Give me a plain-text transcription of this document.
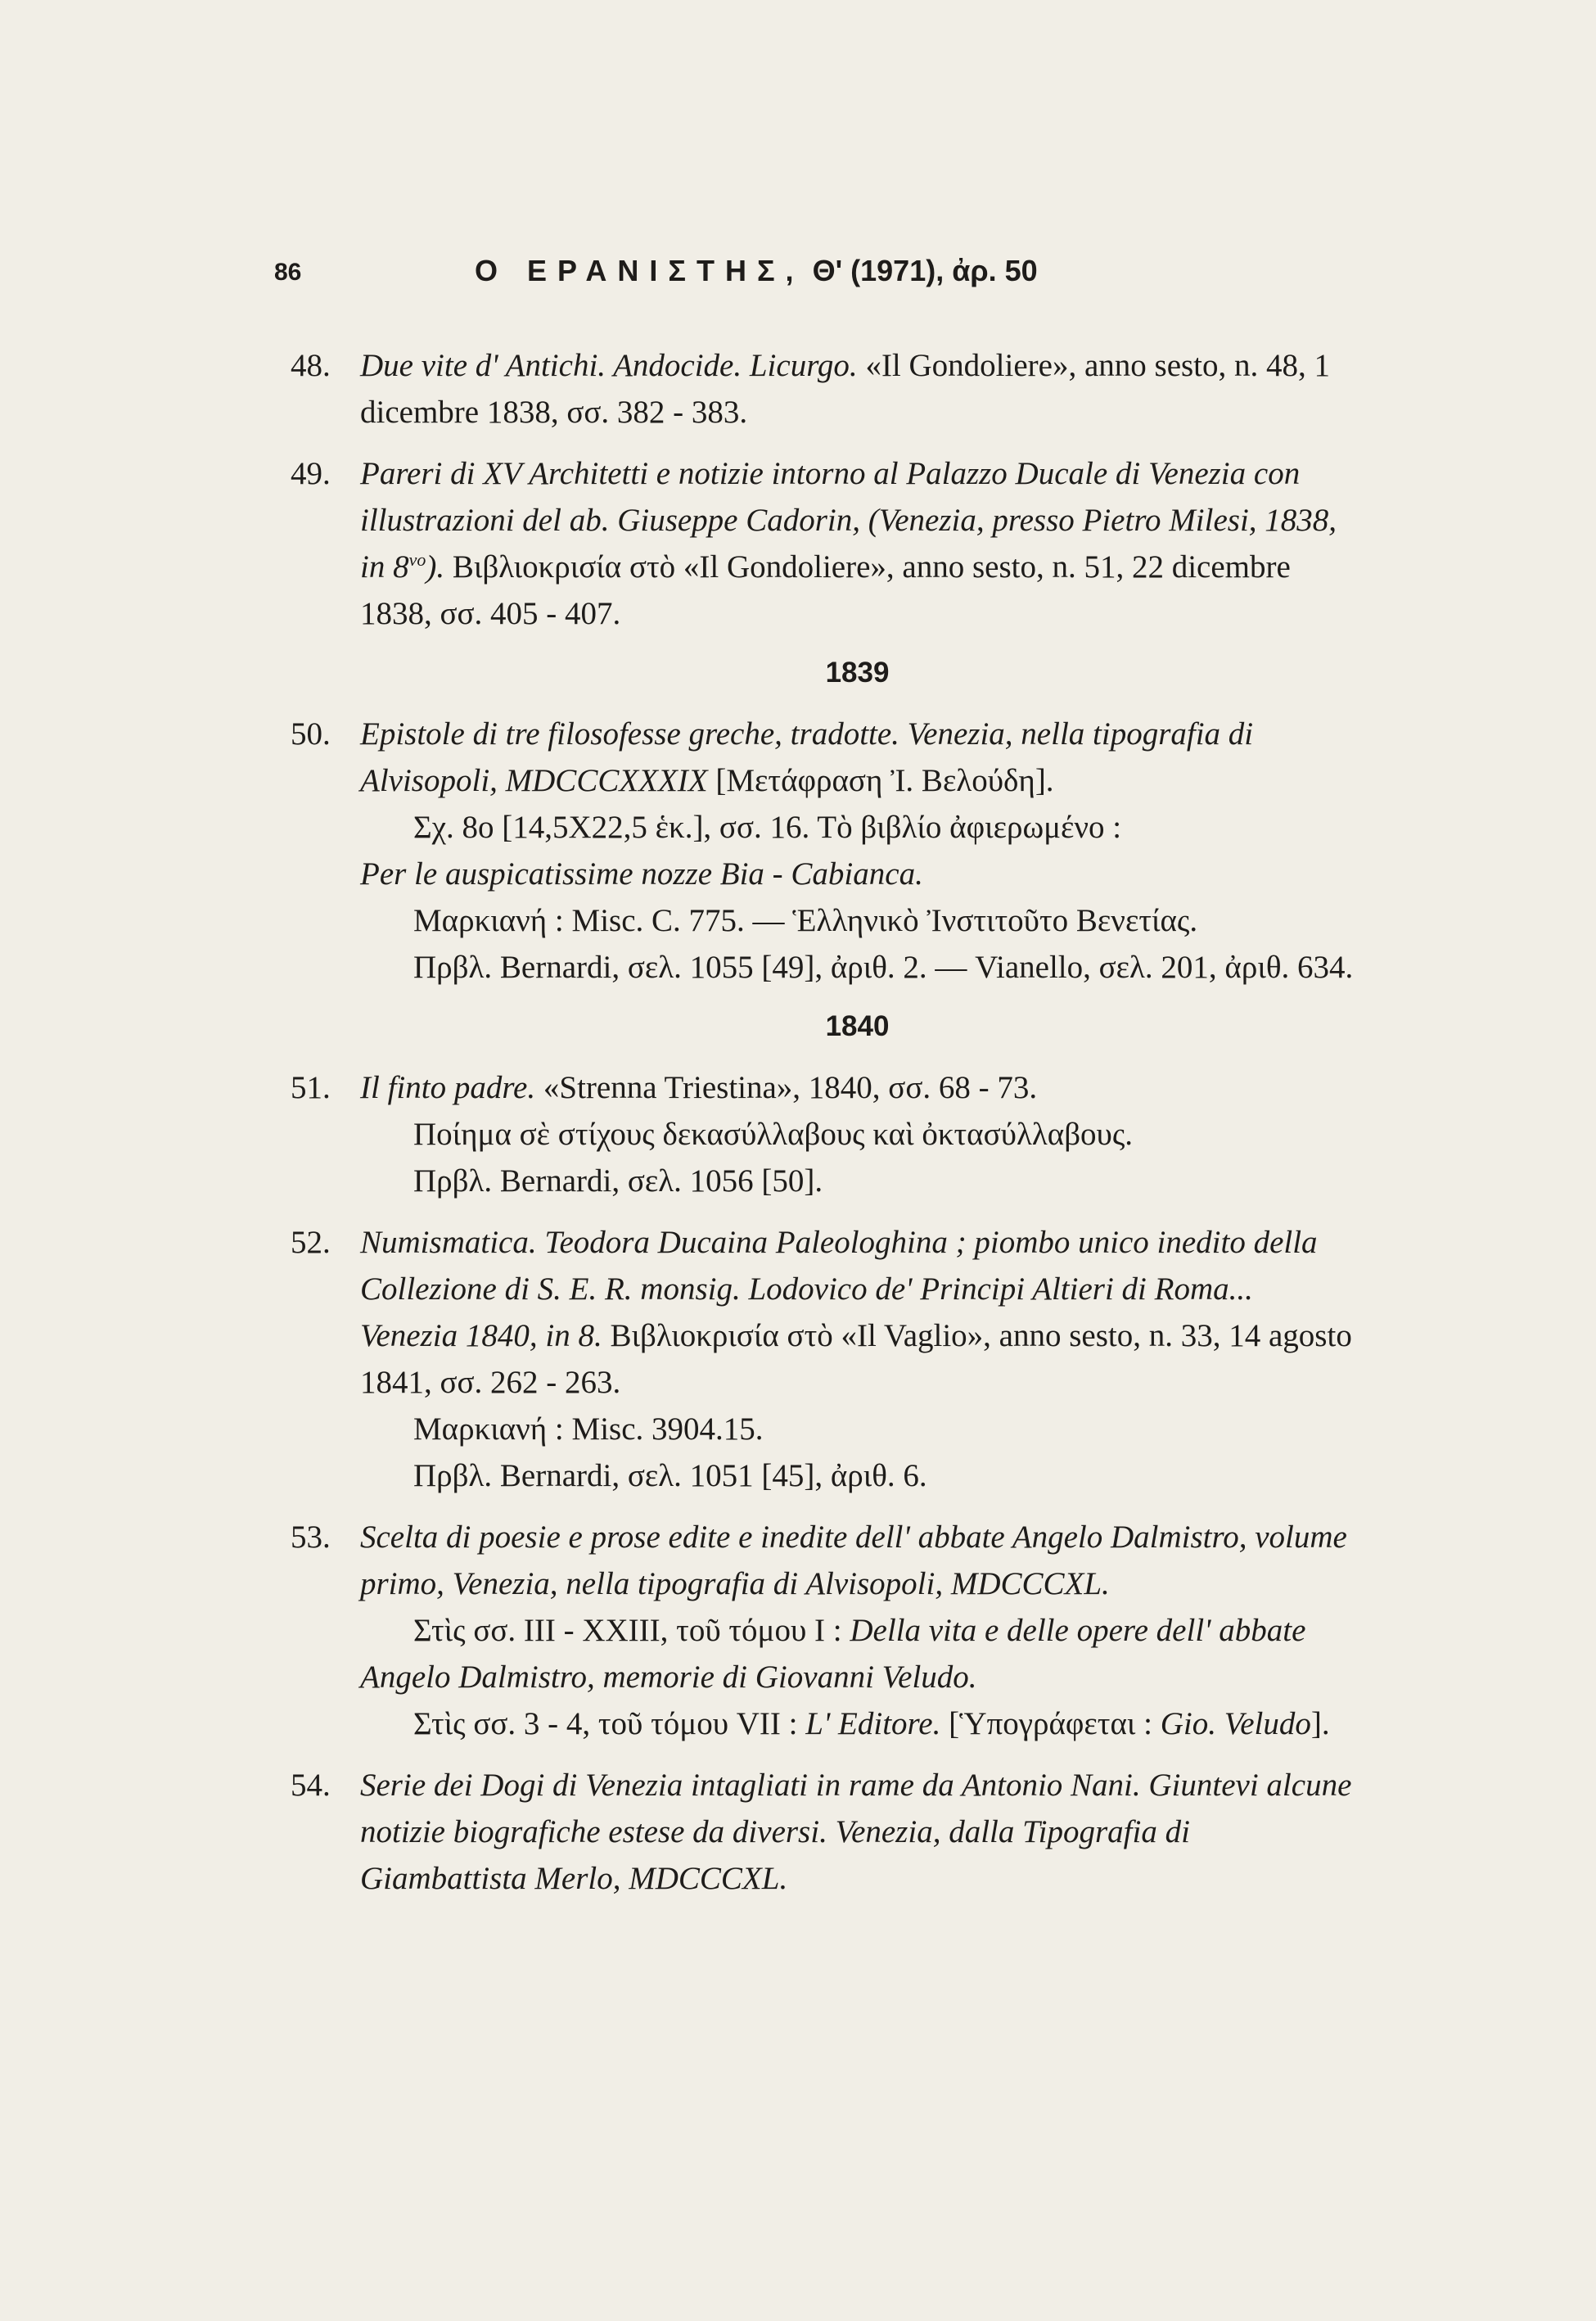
86	Ο ΕΡΑΝΙΣΤΗΣ, Θ' (1971), ἀρ. 50
48. Due vite d' Antichi. Andocide. Licurgo. «Il Gondoliere», anno sesto, n. 48, 1 dicembre 1838, σσ. 382 - 383.

49. Pareri di XV Architetti e notizie intorno al Palazzo Ducale di Venezia con illustrazioni del ab. Giuseppe Cadorin, (Venezia, presso Pietro Milesi, 1838, in $8^{vo}$). Βιβλιοκρισία στὸ «Il Gondoliere», anno sesto, n. 51, 22 dicembre 1838, σσ. 405 - 407.

1839
50. Epistole di tre filosofesse greche, tradotte. Venezia, nella tipografia di Alvisopoli, MDCCCXXXIX [Μετάφραση Ἰ. Βελούδη].

Σχ. 8ο [14,5X22,5 ἑκ.], σσ. 16. Τὸ βιβλίο ἀφιερωμένο :

Per le auspicatissime nozze Bia - Cabianca.

Μαρκιανή : Misc. C. 775. — Ἑλληνικὸ Ἰνστιτοῦτο Βενετίας.

Πρβλ. Bernardi, σελ. 1055 [49], ἀριθ. 2. — Vianello, σελ. 201, ἀριθ. 634.

1840
51. Il finto padre. «Strenna Triestina», 1840, σσ. 68 - 73.

Ποίημα σὲ στίχους δεκασύλλαβους καὶ ὀκτασύλλαβους.

Πρβλ. Bernardi, σελ. 1056 [50].

52. Numismatica. Teodora Ducaina Paleologhina ; piombo unico inedito della Collezione di S. E. R. monsig. Lodovico de' Principi Altieri di Roma... Venezia 1840, in 8. Βιβλιοκρισία στὸ «Il Vaglio», anno sesto, n. 33, 14 agosto 1841, σσ. 262 - 263.

Μαρκιανή : Misc. 3904.15.

Πρβλ. Bernardi, σελ. 1051 [45], ἀριθ. 6.

53. Scelta di poesie e prose edite e inedite dell' abbate Angelo Dalmistro, volume primo, Venezia, nella tipografia di Alvisopoli, MDCCCXL.

Στὶς σσ. III - XXIII, τοῦ τόμου I : Della vita e delle opere dell' abbate Angelo Dalmistro, memorie di Giovanni Veludo.

Στὶς σσ. 3 - 4, τοῦ τόμου VII : L' Editore. [Ὑπογράφεται : Gio. Veludo].

54. Serie dei Dogi di Venezia intagliati in rame da Antonio Nani. Giuntevi alcune notizie biografiche estese da diversi. Venezia, dalla Tipografia di Giambattista Merlo, MDCCCXL.
